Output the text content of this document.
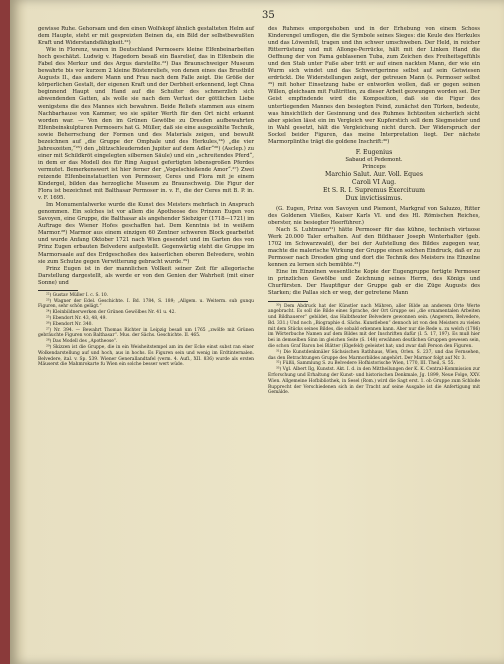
35

gewisse Ruhe. Gehorsam und den einen Wolfskopf ähnlich gestalteten Helm auf dem Haupte, steht er mit gespreizten Beinen da, ein Bild der selbstbewußten Kraft und Widerstandsfähigkeit.²²)

Wie in Florenz, waren in Deutschland Permosers kleine Elfenbeinarbeiten hoch geschätzt. Ludwig v. Hagedorn besaß ein Basrelief, das in Elfenbein die Fabel des Merkur und des Argus darstellte.²³) Das Braunschweiger Museum bewahrte bis vor kurzem 2 kleine Büstenreliefs, von denen eines das Brustbild Augusts II., das andere Mann und Frau nach dem Falle zeigt. Die Größe der körperlichen Gestalt, der eigenen Kraft und der Derbheit erkennend, legt Chna beginnend Haupt und Hand auf die Schulter des schmerzlich sich abwendenden Gatten, als wolle sie nach dem Verlust der göttlichen Liebe wenigstens die des Mannes sich bewahren. Beide Reliefs stammen aus einem Nachbarhause von Kammer, wo sie später Werth für den Ort nicht erkannt worden war. — Von den im Grünen Gewölbe zu Dresden aufbewahrten Elfenbeinskulpturen Permosers hat G. Müller, daß sie eine ausgezählte Technik, sowie Beherrschung der Formen und des Materials zeigen, und bewußt bezeichnen auf „die Gruppe der Omphale und des Herkules,²⁴) „die vier Jahreszeiten,“²⁵) den „blitzschleudernden Jupiter auf dem Adler“²⁶) (Asclep.) zu einer mit Schildkröt eingelegten silbernen Säule) und ein „schreitendes Pferd“, in dem er das Modell des für Ring August gefertigten lebensgroßen Pferdes vermutet. Bemerkenswert ist hier ferner der „Vogelschießende Amor“.²⁷) Zwei reizende Elfenbeinstatuetten von Permoser, Ceres und Flora mit je einem Kindergel, bilden das herzogliche Museum zu Braunschweig. Die Figur der Flora ist bezeichnet mit Balthasar Permoser in. v. F., die der Ceres mit B. P. in. v. F. 1695.

Im Monumentalwerke wurde die Kunst des Meisters mehrfach in Anspruch genommen. Ein solches ist vor allem die Apotheose des Prinzen Eugen von Savoyen, eine Gruppe, die Balthasar als angehender Siebziger (1718—1721) im Auftrage des Wiener Hofes geschaffen hat. Dem Kenntnis ist in weißem Marmor.²⁸) Marmor aus einem einzigen 60 Zentner schweren Block gearbeitet und wurde Anfang Oktober 1721 nach Wien gesendet und im Garten des von Prinz Eugen erbauten Belvedere aufgestellt. Gegenwärtig steht die Gruppe im Marmorsaale auf des Erdgeschoßes des kaiserlichen oberen Belvedere, wohin sie zum Schutze gegen Verwitterung gebracht wurde.²⁹)

Prinz Eugen ist in der mannlichen Vollkeit seiner Zeit für allegorische Darstellung dargestellt, als werde er von den Genien der Wahrheit (mit einer Sonne) und

²²) Gustav Müller I. c. S. 10.

²³) Wagner der Edel. Geschichte. I. Bd. 1784, S. 189; „Allgem. u. Weiterm. sub gunqu Figuren, sehr schön gelägt.“

²⁴) Kleinbildnerwerken der Grünen Gewölbes Nr. 41 u. 42.

²⁵) Ebendort Nr. 43, 48, 49.

²⁶) Ebendort Nr. 340.

²⁷) Nr. 394. — Bewahrt Thomas Richter in Leipzig besaß um 1765 „zwölfe mit Grünen gebräuchte Figuren von Balthasar“. Mus. der Sächs. Geschichte. II. 465.

²⁸) Das Modell des „Apotheose“.

²⁹) Skizzen ist die Gruppe, die in ein Weisheitstempel am im der Ecke einst subst ran einer Wolkendarstellung auf und hoch, aus in hochs. Es Figuren sein und wenig im Erdtinternalen. Belvedere, ital. v. Sp. 539. Wiener Generallandtafel (verm. 4. Aufl., XII. 836) wurde als ersten Mäuserst die Mahmrokarte fu Wien ein solche besser wert wüde.

des Ruhmes emporgehoben und in der Erhebung von einem Schoss Kinderengel umflogen, die die Symbole seines Sieges: die Keule des Herkules und das Löwenfell, tragen und ihn schwer umschweben. Der Held, in reicher Ritterrüstung und mit Allonge-Perrücke, hält mit der Linken Hand die Oeffnung der von Fama geblasenen Tuba, zum Zeichen des Freiheitsgefühls und den Stab unter Fuße aber tritt er auf einen nackten Mann, der wie ein Wurm sich windet und das Schwertgerinne selbst auf sein Getwiesen erdrückt. Die Widerstellungen zeigt, der getreuen Mann (s. Permoser selbst ²⁹) mit hoher Einsetzung habe er entworfen wollen, daß er gegen seinen Willen, gleichsam mit Fußtritten, zu dieser Arbeit gezwungen worden sei. Der Geist empfindende wird die Komposition, daß sie die Figur des untertiegenden Mannes den besiegten Feind, zunächst den Türken, bedeute, was hinsichtlich der Gesinnung und des Ruhmes lichtzeiten sicherlich sicht aber spielen lässt ein im Vergleich wer Kupferstich soll dem Siegmeister und in Wahl gesetzt, hält die Vergleichung nicht durch. Der Widerspruch der Sockel beider Figuren, das meine Interpretation liegt. Der nächste Marmorplinthe trägt die goldene Inschrift:³⁰)

F. Eugenius
Sabaud et Pedemont.
Princeps
Marchio Salut. Aur. Voll. Eques
Caroli VI Aug.
Et S. R. I. Supremus Exercituum
Dux invictissimus.

(G. Eugen, Prinz von Savoyen und Piemont, Markgraf von Saluzzo, Ritter des Goldenen Vließes, Kaiser Karls VI. und des Hl. Römischen Reiches, oberster, nie besiegter Heerführer.)

Nach S. Luhtmann³¹) hätte Permoser für das kühne, technisch virtuose Werk 20.000 Taler erhalten. Auf den Bildhauer Joseph Winterhalter (geb. 1702 im Schwarzwald), der bei der Aufstellung des Bildes zugegen war, machte die malerische Wirkung der Gruppe einen solchen Eindruck, daß er zu Permoser nach Dresden ging und dort die Technik des Meisters ins Einzelne kennen zu lernen sich bemühte.³²)

Eine im Einzelnen wesentliche Kopie der Eugengruppe fertigte Permoser in prinzlichen Gewölbe und Zeichnung seines Herrn, des Königs und Churfürsten. Der Hauptfigur der Gruppe gab er die Züge Augusts des Starken; die Pallas sich er weg, der getretene Mann

³⁰) Dem Abdruck hat der Künstler nach Mähren, aller Bilde an anderem Orte Werte angebracht. Es soll die Bilde eines Sprache, der Ort Gruppe sei „die ornamentalen Arbeiten und Bildhauerer“ gebildet, das Halbtheater Belvedere gewonnen sein. (Angerern, Belvedere, Bd. 331.) Und noch „Biographie d. Sächs. Kunstleben“ dennoch ist von den Meisters zu vielen mit dem Stücks seines Bildes, die sobald erkennen kann. Aber nur die Rede u. zu welch (1786) im Wörterbuche Namen auf dem Bildes mit der Inschriften dafür (I. 5. 17, 197). Es muß hier bei in demselben Sinn im gleichen Seite (S. 148) erwähnen deutlichen Gruppen gewesen sein, die schon Graf Baron bei Blätter (Elgefeld) geleistet hat; und zwar daß Person den Figuren.

³¹) Die Kunstdenkmäler Sächsischen Rathhaus, Wien, Orlen. S. 237, und das Fernsehen, das den Betrachtungen Gruppe des Marmorbildes angehört. Der Marmor folgt auf Nr. 3.

³²) Füßli, Sammlung S. zu Belvedere Hofhistorische Wien, 1770, III. Theil, S. 55.

³³) Vgl. Albert Ilg, Kunstst. Akt. I. d. in den Mittheilungen der K. K. Central-Kommission zur Erforschung und Erhaltung der Kunst- und historischen Denkmale, Jg. 1899, Neue Folge, XXV. Wien. Allgemeine Hofbibliothek, in Sesel (Rom.) wird die Sagt erst. 1. ob Gruppe zum Schloße Rupprecht der Verschiedenen sich in der Tracht auf seine Ausgabe ist die Anfertigung mit Gemälde.
